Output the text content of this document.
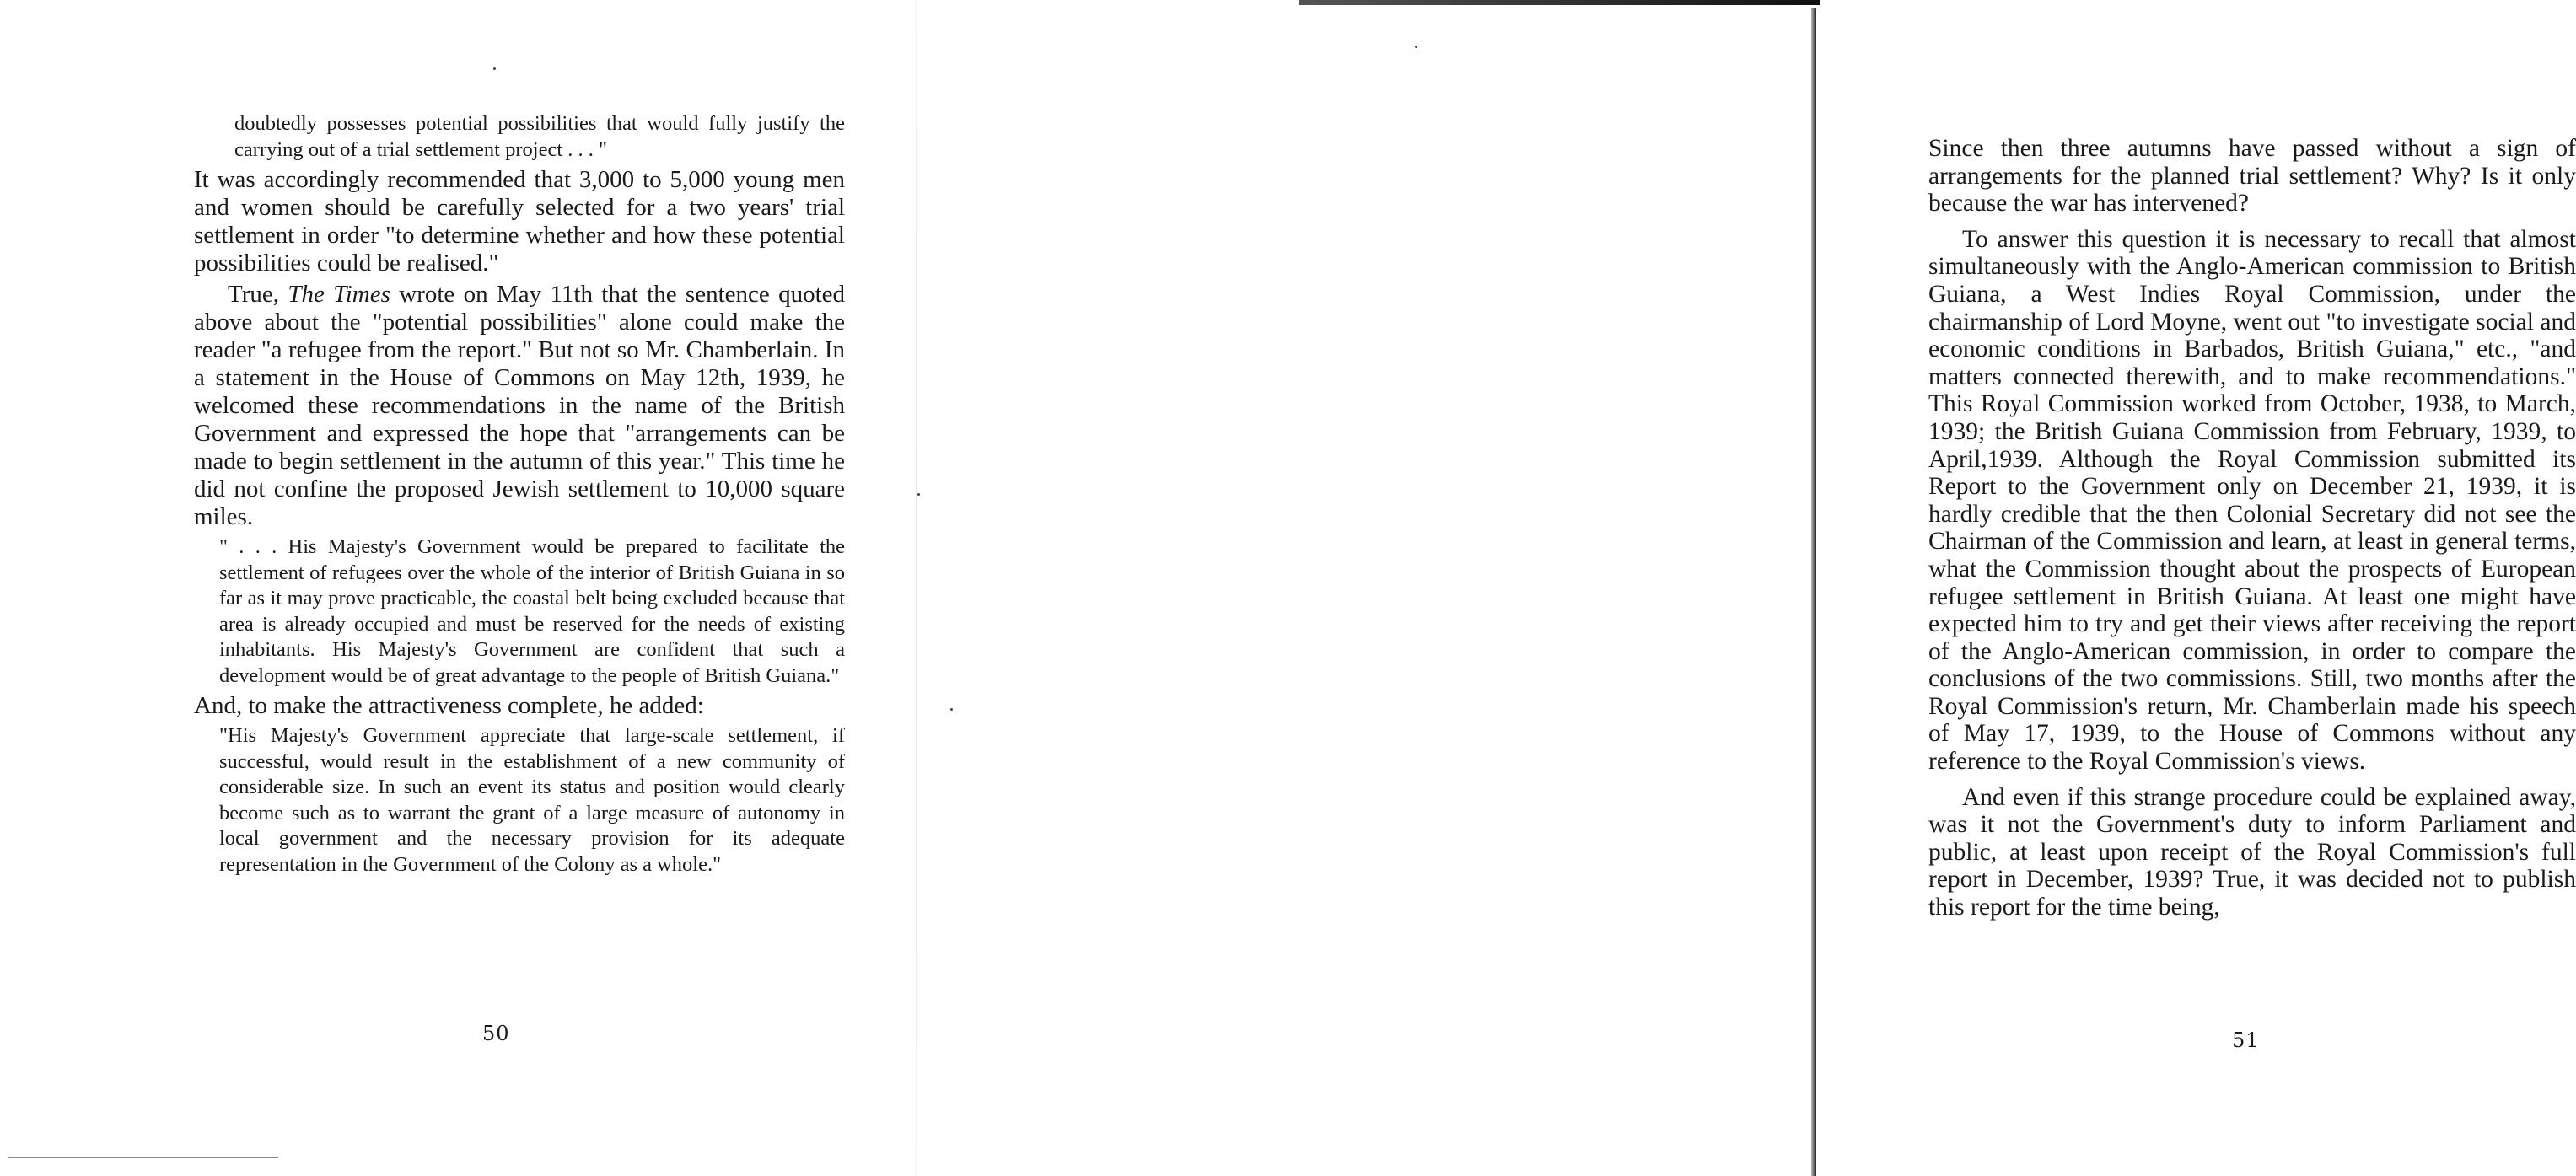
doubtedly possesses potential possibilities that would fully justify the carrying out of a trial settlement project . . . "

It was accordingly recommended that 3,000 to 5,000 young men and women should be carefully selected for a two years' trial settlement in order "to determine whether and how these potential possibilities could be realised."

True, The Times wrote on May 11th that the sentence quoted above about the "potential possibilities" alone could make the reader "a refugee from the report." But not so Mr. Chamberlain. In a statement in the House of Commons on May 12th, 1939, he welcomed these recommendations in the name of the British Government and expressed the hope that "arrangements can be made to begin settlement in the autumn of this year." This time he did not confine the proposed Jewish settlement to 10,000 square miles.

" . . . His Majesty's Government would be prepared to facilitate the settlement of refugees over the whole of the interior of British Guiana in so far as it may prove practicable, the coastal belt being excluded because that area is already occupied and must be reserved for the needs of existing inhabitants. His Majesty's Government are confident that such a development would be of great advantage to the people of British Guiana."

And, to make the attractiveness complete, he added:

"His Majesty's Government appreciate that large-scale settlement, if successful, would result in the establishment of a new community of considerable size. In such an event its status and position would clearly become such as to warrant the grant of a large measure of autonomy in local government and the necessary provision for its adequate representation in the Government of the Colony as a whole."

50

Since then three autumns have passed without a sign of arrangements for the planned trial settlement? Why? Is it only because the war has intervened?

To answer this question it is necessary to recall that almost simultaneously with the Anglo-American commission to British Guiana, a West Indies Royal Commission, under the chairmanship of Lord Moyne, went out "to investigate social and economic conditions in Barbados, British Guiana," etc., "and matters connected therewith, and to make recommendations." This Royal Commission worked from October, 1938, to March, 1939; the British Guiana Commission from February, 1939, to April,1939. Although the Royal Commission submitted its Report to the Government only on December 21, 1939, it is hardly credible that the then Colonial Secretary did not see the Chairman of the Commission and learn, at least in general terms, what the Commission thought about the prospects of European refugee settlement in British Guiana. At least one might have expected him to try and get their views after receiving the report of the Anglo-American commission, in order to compare the conclusions of the two commissions. Still, two months after the Royal Commission's return, Mr. Chamberlain made his speech of May 17, 1939, to the House of Commons without any reference to the Royal Commission's views.

And even if this strange procedure could be explained away, was it not the Government's duty to inform Parliament and public, at least upon receipt of the Royal Commission's full report in December, 1939? True, it was decided not to publish this report for the time being,

51
